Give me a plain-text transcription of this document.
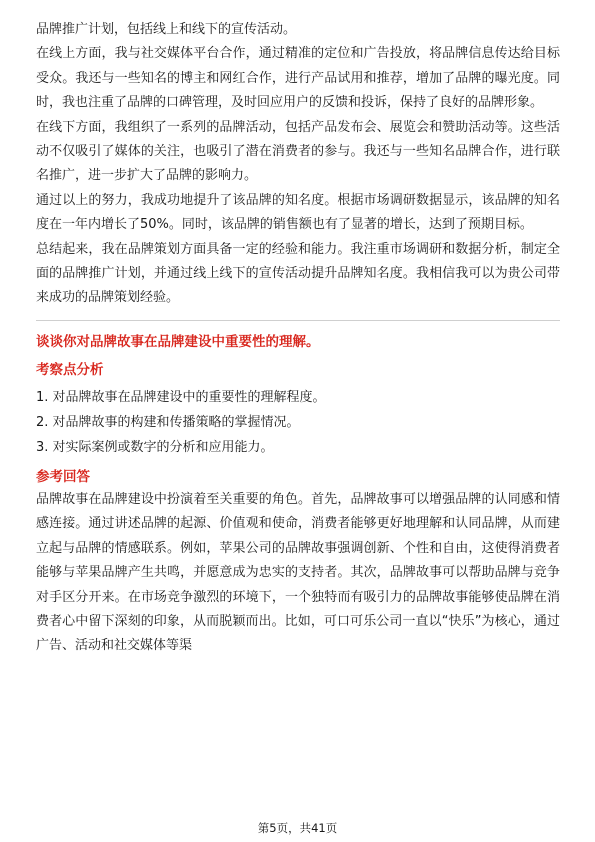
品牌推广计划，包括线上和线下的宣传活动。

在线上方面，我与社交媒体平台合作，通过精准的定位和广告投放，将品牌信息传达给目标受众。我还与一些知名的博主和网红合作，进行产品试用和推荐，增加了品牌的曝光度。同时，我也注重了品牌的口碑管理，及时回应用户的反馈和投诉，保持了良好的品牌形象。

在线下方面，我组织了一系列的品牌活动，包括产品发布会、展览会和赞助活动等。这些活动不仅吸引了媒体的关注，也吸引了潜在消费者的参与。我还与一些知名品牌合作，进行联名推广，进一步扩大了品牌的影响力。

通过以上的努力，我成功地提升了该品牌的知名度。根据市场调研数据显示，该品牌的知名度在一年内增长了50%。同时，该品牌的销售额也有了显著的增长，达到了预期目标。

总结起来，我在品牌策划方面具备一定的经验和能力。我注重市场调研和数据分析，制定全面的品牌推广计划，并通过线上线下的宣传活动提升品牌知名度。我相信我可以为贵公司带来成功的品牌策划经验。

谈谈你对品牌故事在品牌建设中重要性的理解。

考察点分析

1. 对品牌故事在品牌建设中的重要性的理解程度。
2. 对品牌故事的构建和传播策略的掌握情况。
3. 对实际案例或数字的分析和应用能力。

参考回答

品牌故事在品牌建设中扮演着至关重要的角色。首先，品牌故事可以增强品牌的认同感和情感连接。通过讲述品牌的起源、价值观和使命，消费者能够更好地理解和认同品牌，从而建立起与品牌的情感联系。例如，苹果公司的品牌故事强调创新、个性和自由，这使得消费者能够与苹果品牌产生共鸣，并愿意成为忠实的支持者。其次，品牌故事可以帮助品牌与竞争对手区分开来。在市场竞争激烈的环境下，一个独特而有吸引力的品牌故事能够使品牌在消费者心中留下深刻的印象，从而脱颖而出。比如，可口可乐公司一直以“快乐”为核心，通过广告、活动和社交媒体等渠

第5页，共41页
